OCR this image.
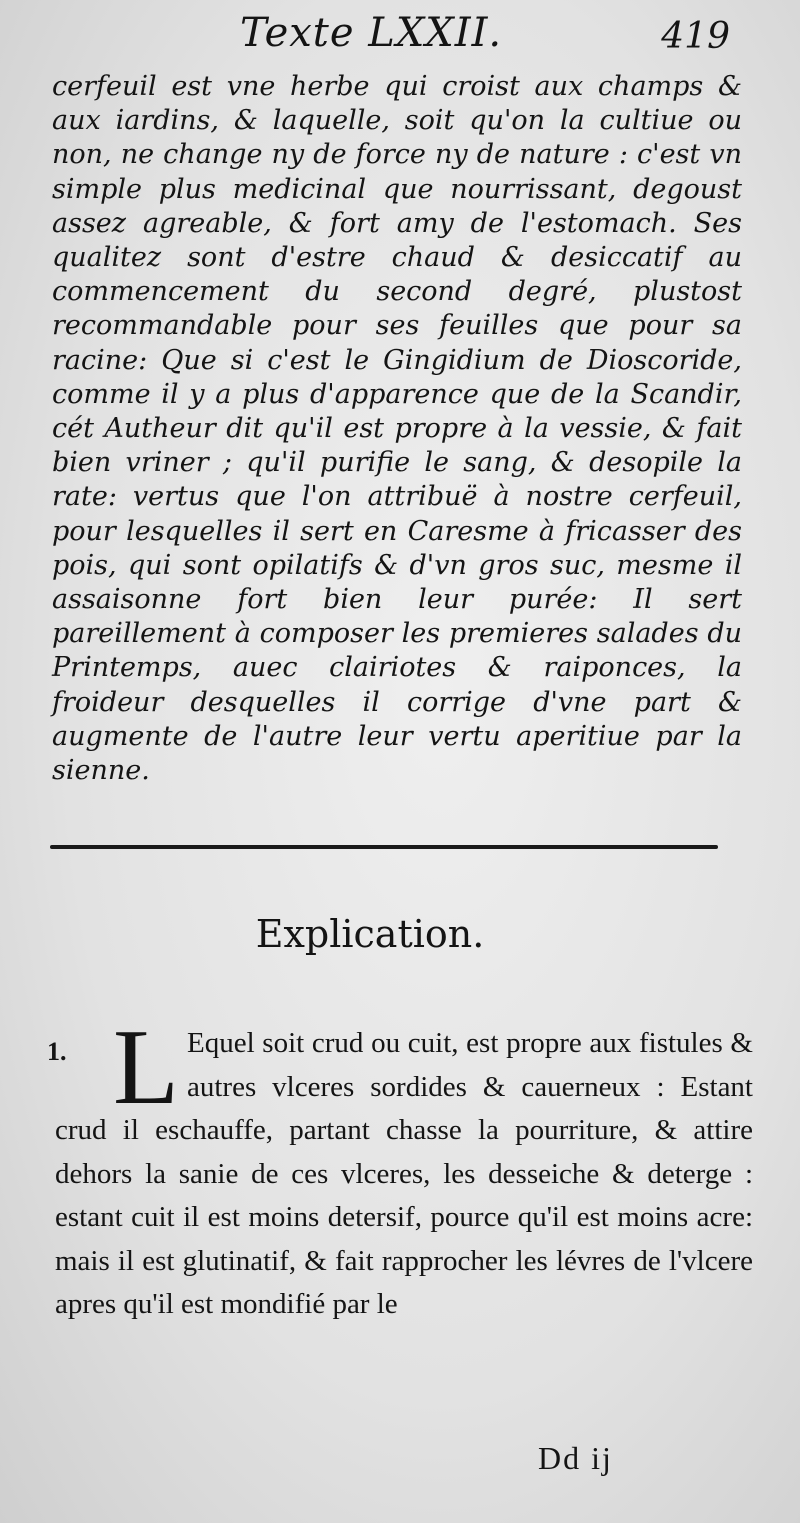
Texte LXXII.	419

cerfeuil est vne herbe qui croist aux champs & aux iardins, & laquelle, soit qu'on la cultiue ou non, ne change ny de force ny de nature : c'est vn simple plus medicinal que nourrissant, degoust assez agreable, & fort amy de l'estomach. Ses qualitez sont d'estre chaud & desiccatif au commencement du second degré, plustost recommandable pour ses feuilles que pour sa racine: Que si c'est le Gingidium de Dioscoride, comme il y a plus d'apparence que de la Scandir, cét Autheur dit qu'il est propre à la vessie, & fait bien vriner ; qu'il purifie le sang, & desopile la rate: vertus que l'on attribuë à nostre cerfeuil, pour lesquelles il sert en Caresme à fricasser des pois, qui sont opilatifs & d'vn gros suc, mesme il assaisonne fort bien leur purée: Il sert pareillement à composer les premieres salades du Printemps, auec clairiotes & raiponces, la froideur desquelles il corrige d'vne part & augmente de l'autre leur vertu aperitiue par la sienne.

Explication.
1. L Equel soit crud ou cuit, est propre aux fistules & autres vlceres sordides & cauerneux : Estant crud il eschauffe, partant chasse la pourriture, & attire dehors la sanie de ces vlceres, les desseiche & deterge : estant cuit il est moins detersif, pource qu'il est moins acre: mais il est glutinatif, & fait rapprocher les lévres de l'vlcere apres qu'il est mondifié par le

Dd ij
